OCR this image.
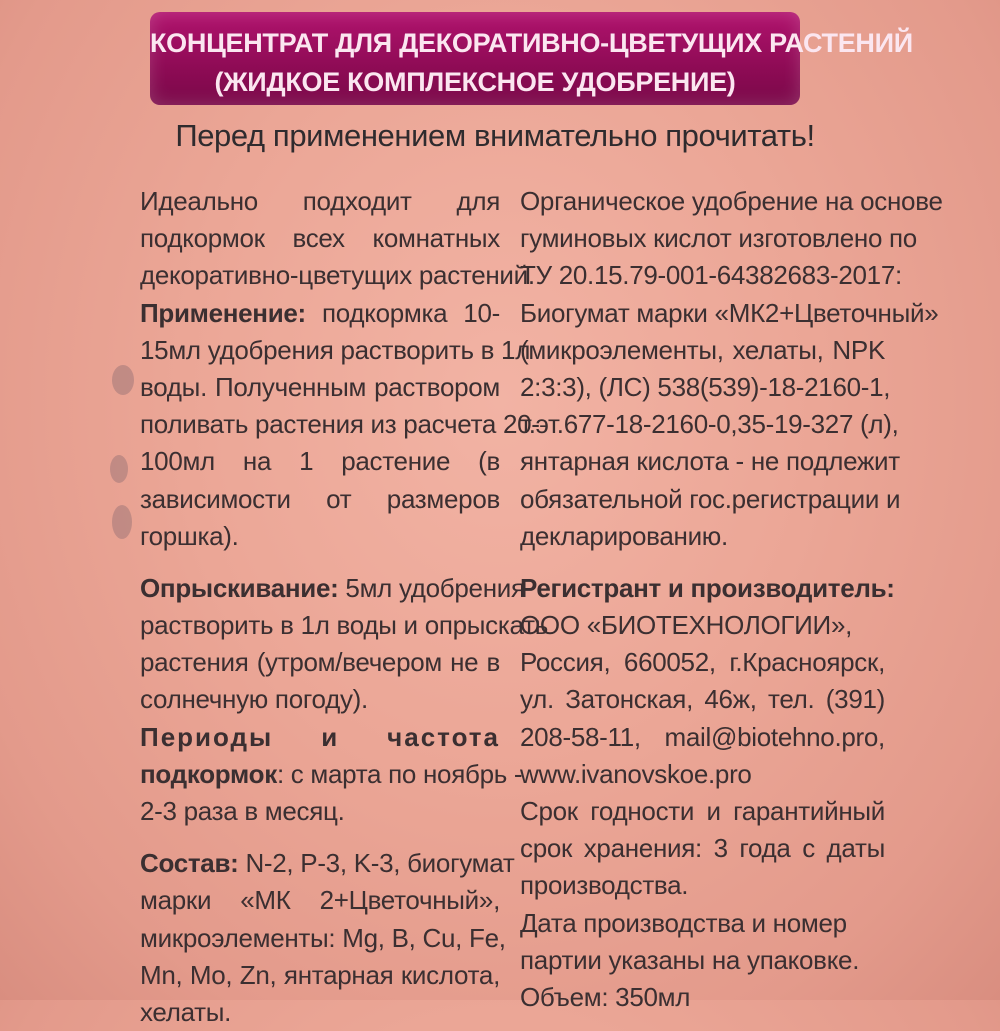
КОНЦЕНТРАТ ДЛЯ ДЕКОРАТИВНО-ЦВЕТУЩИХ РАСТЕНИЙ
(ЖИДКОЕ КОМПЛЕКСНОЕ УДОБРЕНИЕ)
Перед применением внимательно прочитать!
Идеально подходит для
подкормок всех комнатных
декоративно-цветущих растений.
Применение: подкормка 10-
15мл удобрения растворить в 1л
воды. Полученным раствором
поливать растения из расчета 20-
100мл на 1 растение (в
зависимости от размеров
горшка).
Опрыскивание: 5мл удобрения
растворить в 1л воды и опрыскать
растения (утром/вечером не в
солнечную погоду).
Периоды и частота
подкормок: с марта по ноябрь -
2-3 раза в месяц.
Состав: N-2, P-3, K-3, биогумат
марки «МК 2+Цветочный»,
микроэлементы: Mg, B, Cu, Fe,
Mn, Mo, Zn, янтарная кислота,
хелаты.
Органическое удобрение на основе
гуминовых кислот изготовлено по
ТУ 20.15.79-001-64382683-2017:
Биогумат марки «МК2+Цветочный»
(микроэлементы, хелаты, NPK
2:3:3), (ЛС) 538(539)-18-2160-1,
т.эт.677-18-2160-0,35-19-327 (л),
янтарная кислота - не подлежит
обязательной гос.регистрации и
декларированию.
Регистрант и производитель:
ООО «БИОТЕХНОЛОГИИ»,
Россия, 660052, г.Красноярск,
ул. Затонская, 46ж, тел. (391)
208-58-11, mail@biotehno.pro,
www.ivanovskoe.pro
Срок годности и гарантийный
срок хранения: 3 года с даты
производства.
Дата производства и номер
партии указаны на упаковке.
Объем: 350мл
